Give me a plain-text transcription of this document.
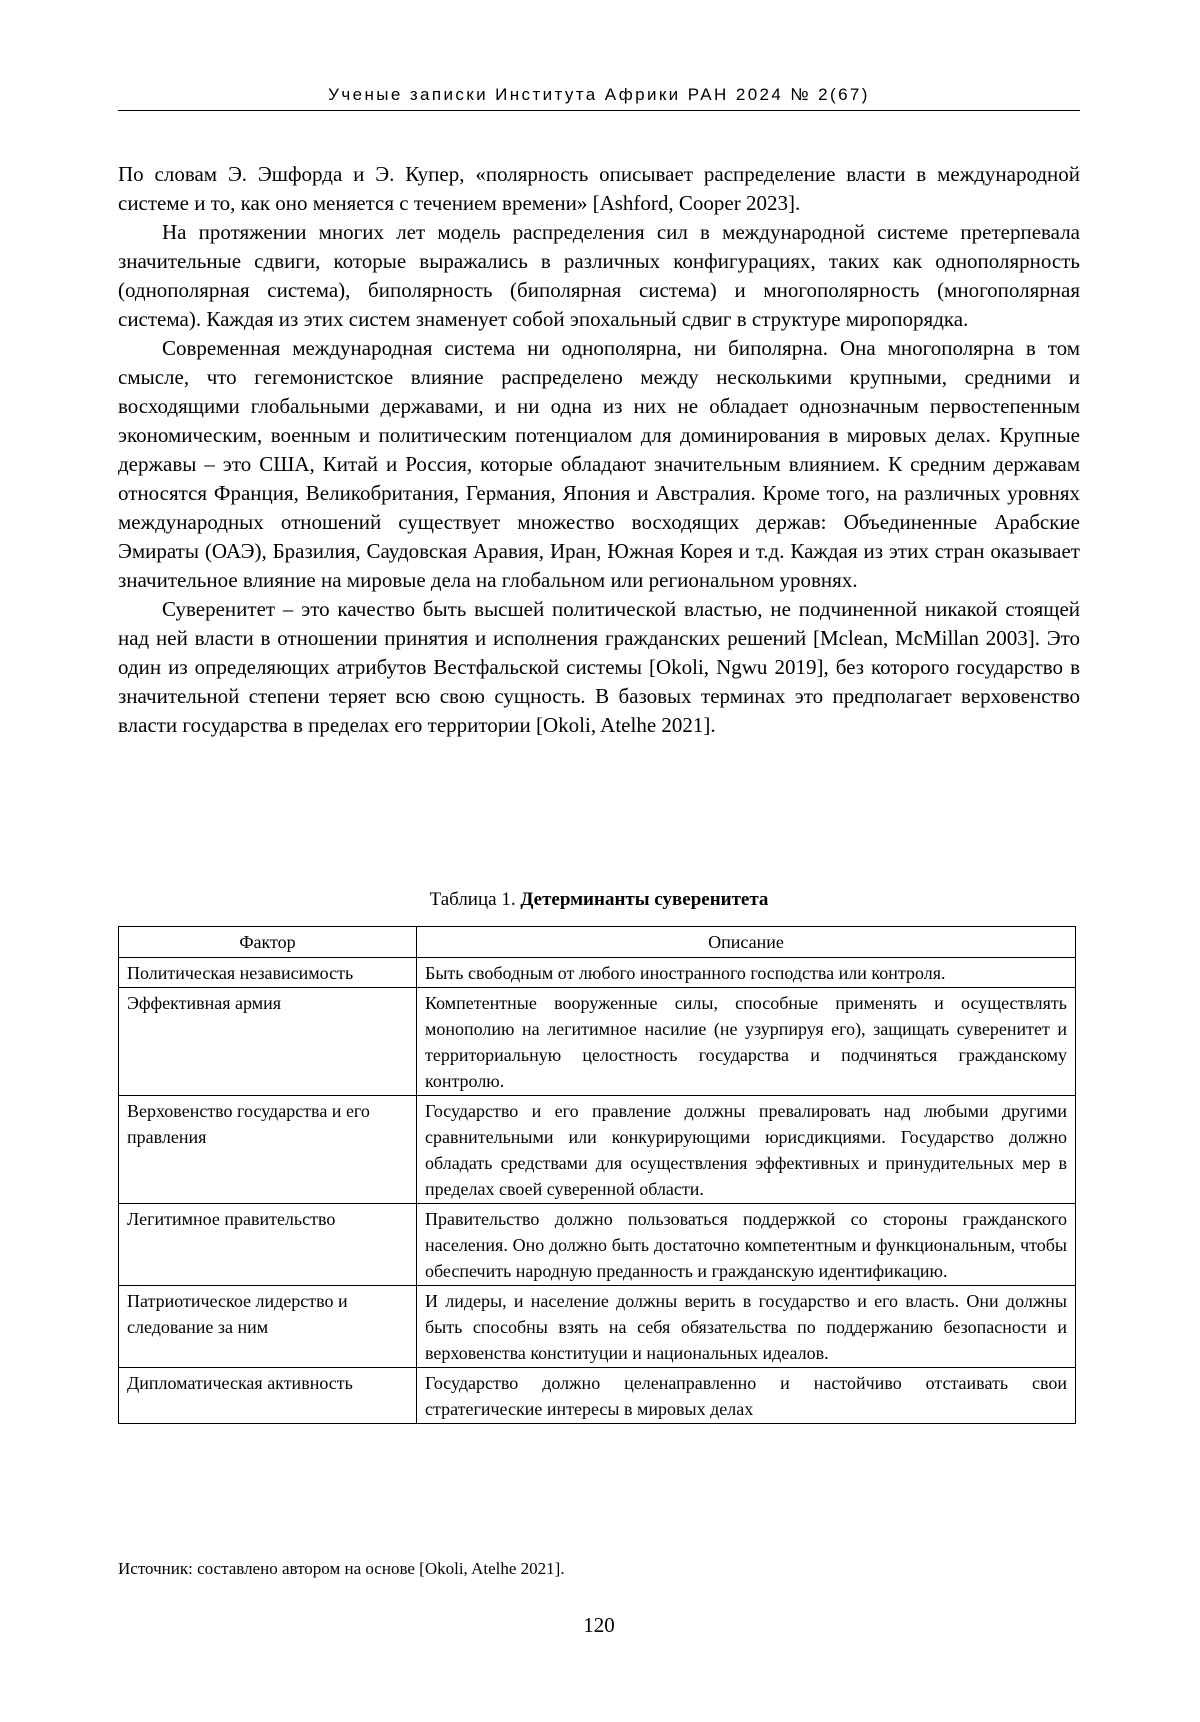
Ученые записки Института Африки РАН 2024 № 2(67)

По словам Э. Эшфорда и Э. Купер, «полярность описывает распределение власти в международной системе и то, как оно меняется с течением времени» [Ashford, Cooper 2023].

На протяжении многих лет модель распределения сил в международной системе претерпевала значительные сдвиги, которые выражались в различных конфигурациях, таких как однополярность (однополярная система), биполярность (биполярная система) и многополярность (многополярная система). Каждая из этих систем знаменует собой эпохальный сдвиг в структуре миропорядка.

Современная международная система ни однополярна, ни биполярна. Она многополярна в том смысле, что гегемонистское влияние распределено между несколькими крупными, средними и восходящими глобальными державами, и ни одна из них не обладает однозначным первостепенным экономическим, военным и политическим потенциалом для доминирования в мировых делах. Крупные державы – это США, Китай и Россия, которые обладают значительным влиянием. К средним державам относятся Франция, Великобритания, Германия, Япония и Австралия. Кроме того, на различных уровнях международных отношений существует множество восходящих держав: Объединенные Арабские Эмираты (ОАЭ), Бразилия, Саудовская Аравия, Иран, Южная Корея и т.д. Каждая из этих стран оказывает значительное влияние на мировые дела на глобальном или региональном уровнях.

Суверенитет – это качество быть высшей политической властью, не подчиненной никакой стоящей над ней власти в отношении принятия и исполнения гражданских решений [Mclean, McMillan 2003]. Это один из определяющих атрибутов Вестфальской системы [Okoli, Ngwu 2019], без которого государство в значительной степени теряет всю свою сущность. В базовых терминах это предполагает верховенство власти государства в пределах его территории [Okoli, Atelhe 2021].

Таблица 1. Детерминанты суверенитета
Фактор	Описание
Политическая независимость	Быть свободным от любого иностранного господства или контроля.
Эффективная армия	Компетентные вооруженные силы, способные применять и осуществлять монополию на легитимное насилие (не узурпируя его), защищать суверенитет и территориальную целостность государства и подчиняться гражданскому контролю.
Верховенство государства и его правления	Государство и его правление должны превалировать над любыми другими сравнительными или конкурирующими юрисдикциями. Государство должно обладать средствами для осуществления эффективных и принудительных мер в пределах своей суверенной области.
Легитимное правительство	Правительство должно пользоваться поддержкой со стороны гражданского населения. Оно должно быть достаточно компетентным и функциональным, чтобы обеспечить народную преданность и гражданскую идентификацию.
Патриотическое лидерство и следование за ним	И лидеры, и население должны верить в государство и его власть. Они должны быть способны взять на себя обязательства по поддержанию безопасности и верховенства конституции и национальных идеалов.
Дипломатическая активность	Государство должно целенаправленно и настойчиво отстаивать свои стратегические интересы в мировых делах
Источник: составлено автором на основе [Okoli, Atelhe 2021].
120
